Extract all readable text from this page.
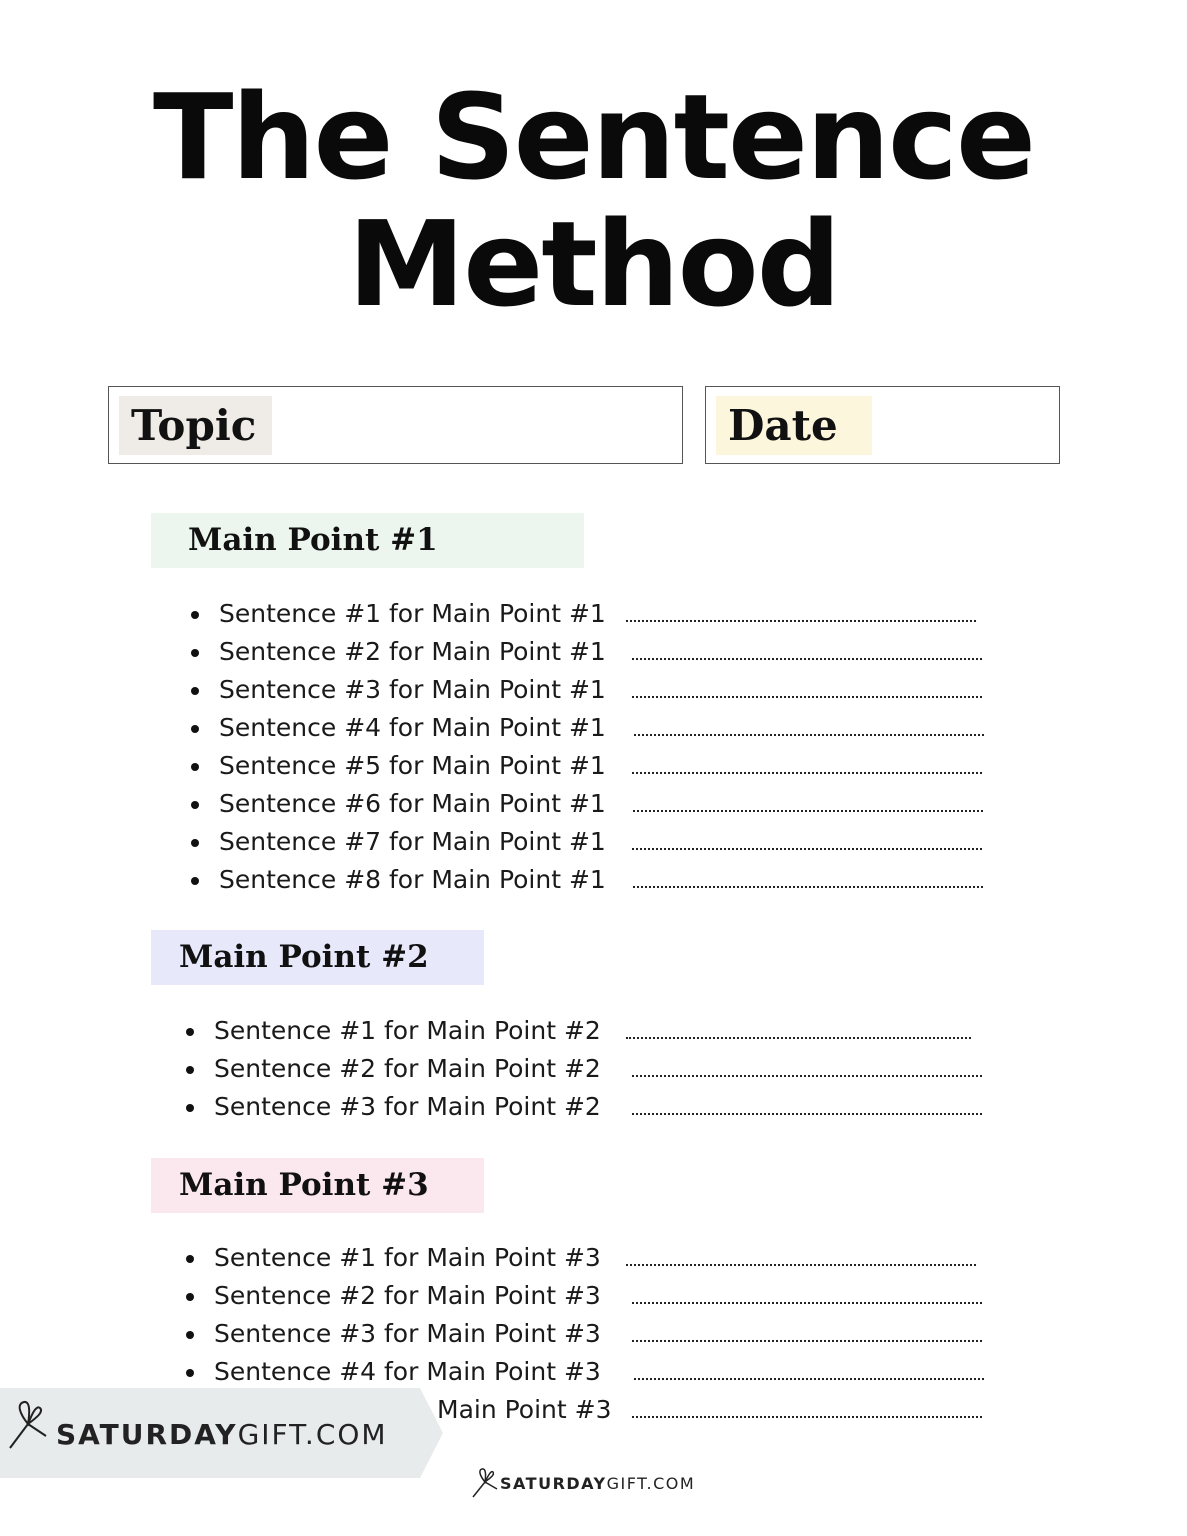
The Sentence
Method
Topic	Date
Main Point #1
Sentence #1 for Main Point #1
Sentence #2 for Main Point #1
Sentence #3 for Main Point #1
Sentence #4 for Main Point #1
Sentence #5 for Main Point #1
Sentence #6 for Main Point #1
Sentence #7 for Main Point #1
Sentence #8 for Main Point #1
Main Point #2
Sentence #1 for Main Point #2
Sentence #2 for Main Point #2
Sentence #3 for Main Point #2
Main Point #3
Sentence #1 for Main Point #3
Sentence #2 for Main Point #3
Sentence #3 for Main Point #3
Sentence #4 for Main Point #3
Main Point #3
SATURDAYGIFT.COM
SATURDAYGIFT.COM
